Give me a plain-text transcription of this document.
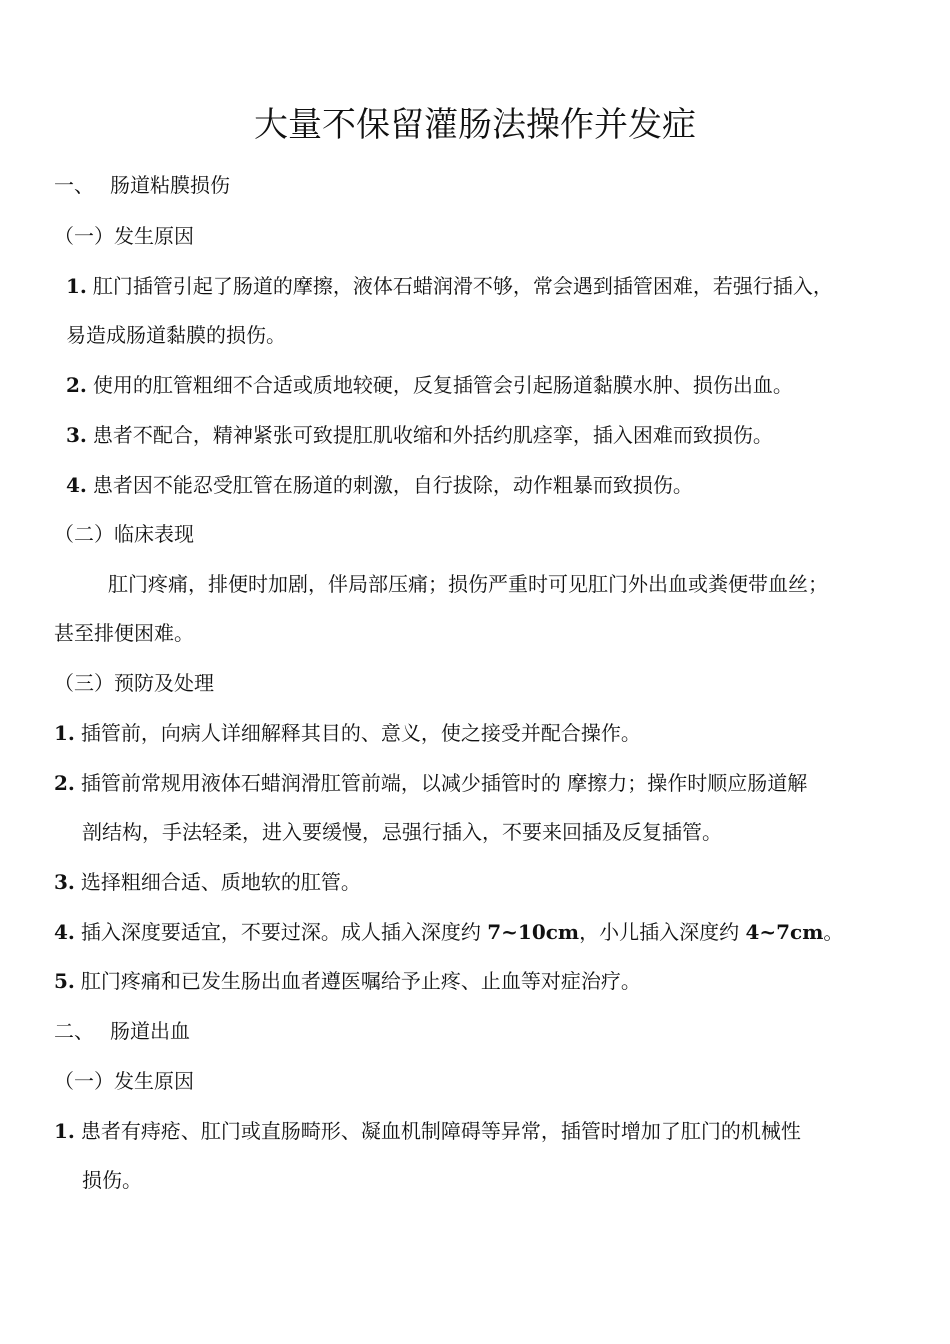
大量不保留灌肠法操作并发症
一、 肠道粘膜损伤
（一）发生原因
1. 肛门插管引起了肠道的摩擦，液体石蜡润滑不够，常会遇到插管困难，若强行插入，
易造成肠道黏膜的损伤。
2. 使用的肛管粗细不合适或质地较硬，反复插管会引起肠道黏膜水肿、损伤出血。
3. 患者不配合，精神紧张可致提肛肌收缩和外括约肌痉挛，插入困难而致损伤。
4. 患者因不能忍受肛管在肠道的刺激，自行拔除，动作粗暴而致损伤。
（二）临床表现
肛门疼痛，排便时加剧，伴局部压痛；损伤严重时可见肛门外出血或粪便带血丝；
甚至排便困难。
（三）预防及处理
1. 插管前，向病人详细解释其目的、意义，使之接受并配合操作。
2. 插管前常规用液体石蜡润滑肛管前端，以减少插管时的 摩擦力；操作时顺应肠道解
剖结构，手法轻柔，进入要缓慢，忌强行插入，不要来回插及反复插管。
3. 选择粗细合适、质地软的肛管。
4. 插入深度要适宜，不要过深。成人插入深度约 7~10cm，小儿插入深度约 4~7cm。
5. 肛门疼痛和已发生肠出血者遵医嘱给予止疼、止血等对症治疗。
二、 肠道出血
（一）发生原因
1. 患者有痔疮、肛门或直肠畸形、凝血机制障碍等异常，插管时增加了肛门的机械性
损伤。
